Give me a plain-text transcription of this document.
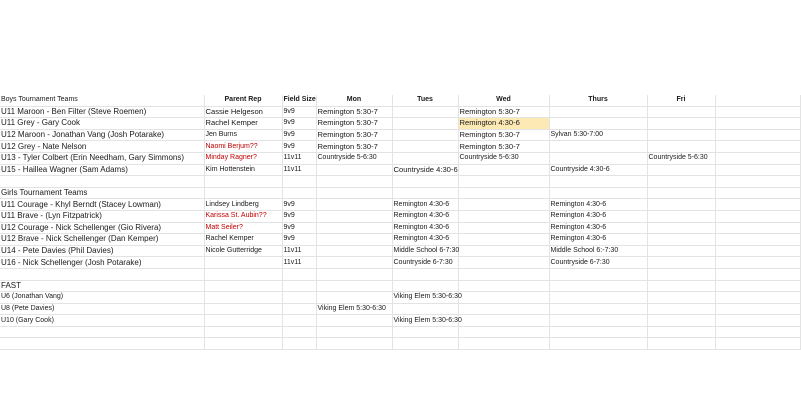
Boys Tournament Teams	Parent Rep	Field Size	Mon	Tues	Wed	Thurs	Fri	
U11 Maroon - Ben Filter (Steve Roemen)	Cassie Helgeson	9v9	Remington 5:30-7		Remington 5:30-7			
U11 Grey - Gary Cook	Rachel Kemper	9v9	Remington 5:30-7		Remington 4:30-6			
U12 Maroon - Jonathan Vang (Josh Potarake)	Jen Burns	9v9	Remington 5:30-7		Remington 5:30-7	Sylvan 5:30-7:00		
U12 Grey - Nate Nelson	Naomi Berjum??	9v9	Remington 5:30-7		Remington 5:30-7			
U13 - Tyler Colbert (Erin Needham, Gary Simmons)	Minday Ragner?	11v11	Countryside 5-6:30		Countryside 5-6:30		Countryside 5-6:30	
U15 - Haillea Wagner (Sam Adams)	Kim Hottenstein	11v11		Countryside 4:30-6		Countryside 4:30-6		

Girls Tournament Teams								
U11 Courage - Khyl Berndt (Stacey Lowman)	Lindsey Lindberg	9v9		Remington 4:30-6		Remington 4:30-6		
U11 Brave - (Lyn Fitzpatrick)	Karissa St. Aubin??	9v9		Remington 4:30-6		Remington 4:30-6		
U12 Courage - Nick Schellenger (Gio Rivera)	Matt Seiler?	9v9		Remington 4:30-6		Remington 4:30-6		
U12 Brave - Nick Schellenger (Dan Kemper)	Rachel Kemper	9v9		Remington 4:30-6		Remington 4:30-6		
U14 - Pete Davies (Phil Davies)	Nicole Gutterridge	11v11		Middle School 6-7:30		Middle School 6:-7:30		
U16 - Nick Schellenger (Josh Potarake)		11v11		Countryside 6-7:30		Countryside 6-7:30		

FAST								
U6 (Jonathan Vang)				Viking Elem 5:30-6:30				
U8 (Pete Davies)			Viking Elem 5:30-6:30					
U10 (Gary Cook)				Viking Elem 5:30-6:30				
